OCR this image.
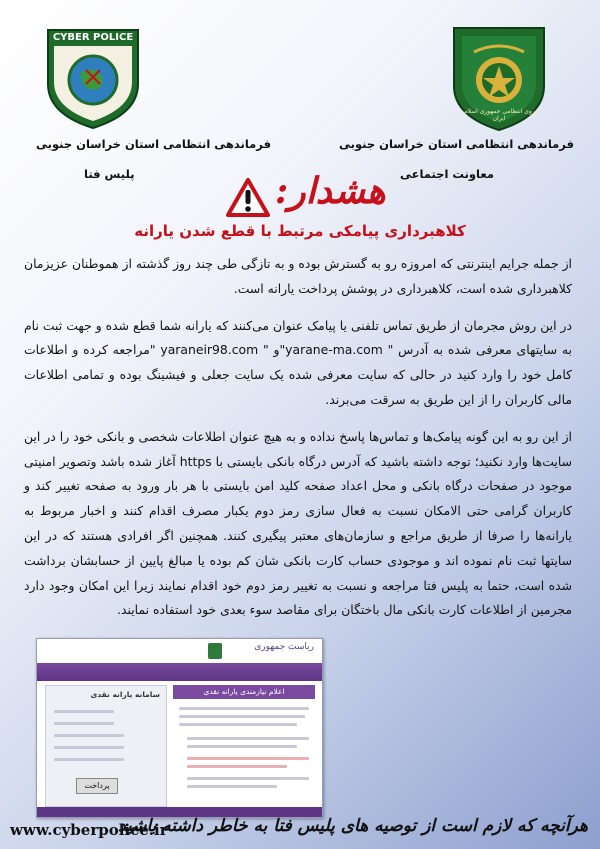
CYBER POLICE
نیروی انتظامی جمهوری اسلامی ایران
فرماندهی انتظامی استان خراسان جنوبی
پلیس فتا
فرماندهی انتظامی استان خراسان جنوبی
معاونت اجتماعی
هشدار:
کلاهبرداری پیامکی مرتبط با قطع شدن یارانه

از جمله جرایم اینترنتی که امروزه رو به گسترش بوده و به تازگی طی چند روز گذشته از هموطنان عزیزمان کلاهبرداری شده است، کلاهبرداری در پوشش پرداخت یارانه است.

در این روش مجرمان از طریق تماس تلفنی یا پیامک عنوان می‌کنند که یارانه شما قطع شده و جهت ثبت نام به سایتهای معرفی شده به آدرس " yarane-ma.com"و " yaraneir98.com "مراجعه کرده و اطلاعات کامل خود را وارد کنید در حالی که سایت معرفی شده یک سایت جعلی و فیشینگ بوده و تمامی اطلاعات مالی کاربران را از این طریق به سرقت می‌برند.

از این رو به این گونه پیامک‌ها و تماس‌ها پاسخ نداده و به هیچ عنوان اطلاعات شخصی و بانکی خود را در این سایت‌ها وارد نکنید؛ توجه داشته باشید که آدرس درگاه بانکی بایستی با https آغاز شده باشد وتصویر امنیتی موجود در صفحات درگاه بانکی و محل اعداد صفحه کلید امن بایستی با هر بار ورود به صفحه تغییر کند و کاربران گرامی حتی الامکان نسبت به فعال سازی رمز دوم یکبار مصرف اقدام کنند و اخبار مربوط به یارانه‌ها را صرفا از طریق مراجع و سازمان‌های معتبر پیگیری کنند. همچنین اگر افرادی هستند که در این سایتها ثبت نام نموده اند و موجودی حساب کارت بانکی شان کم بوده یا مبالغ پایین از حسابشان برداشت شده است، حتما به پلیس فتا مراجعه و نسبت به تغییر رمز دوم خود اقدام نمایند زیرا این امکان وجود دارد مجرمین از اطلاعات کارت بانکی مال باختگان برای مقاصد سوء بعدی خود استفاده نمایند.

ریاست جمهوری
سامانه یارانه نقدی
پرداخت
اعلام نیازمندی یارانه نقدی
www.cyberpolice.ir
هرآنچه که لازم است از توصیه های پلیس فتا به خاطر داشته باشید
